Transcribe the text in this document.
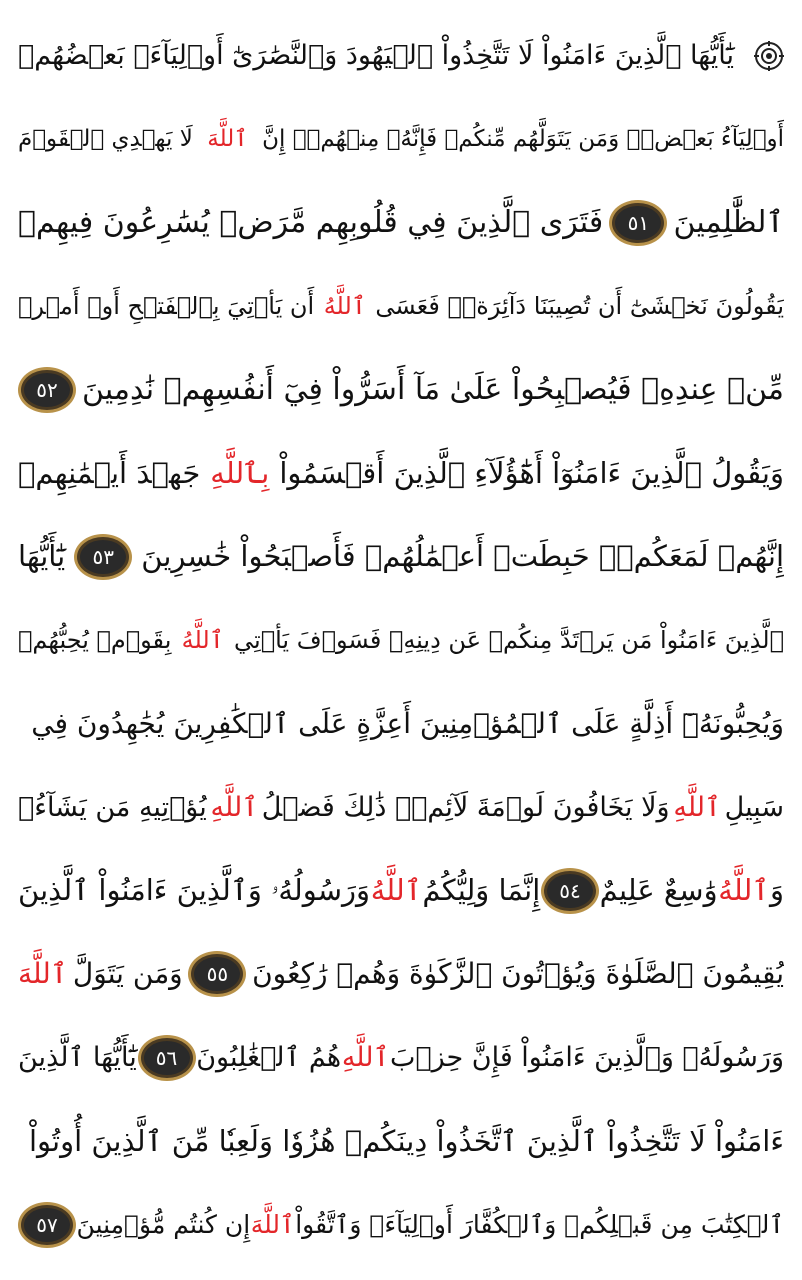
يَٰٓأَيُّهَا ٱلَّذِينَ ءَامَنُواْ لَا تَتَّخِذُواْ ٱلۡيَهُودَ وَٱلنَّصَٰرَىٰٓ أَوۡلِيَآءَۘ بَعۡضُهُمۡ
أَوۡلِيَآءُ بَعۡضٖۚ وَمَن يَتَوَلَّهُم مِّنكُمۡ فَإِنَّهُۥ مِنۡهُمۡۗ إِنَّ
ٱللَّهَ
لَا يَهۡدِي ٱلۡقَوۡمَ
ٱلظَّٰلِمِينَ
٥١
فَتَرَى ٱلَّذِينَ فِي قُلُوبِهِم مَّرَضٞ يُسَٰرِعُونَ فِيهِمۡ
يَقُولُونَ نَخۡشَىٰٓ أَن تُصِيبَنَا دَآئِرَةٞۚ فَعَسَى
ٱللَّهُ
أَن يَأۡتِيَ بِٱلۡفَتۡحِ أَوۡ أَمۡرٖ
مِّنۡ عِندِهِۦ فَيُصۡبِحُواْ عَلَىٰ مَآ أَسَرُّواْ فِيٓ أَنفُسِهِمۡ نَٰدِمِينَ
٥٢
وَيَقُولُ ٱلَّذِينَ ءَامَنُوٓاْ أَهَٰٓؤُلَآءِ ٱلَّذِينَ أَقۡسَمُواْ
بِٱللَّهِ
جَهۡدَ أَيۡمَٰنِهِمۡ
إِنَّهُمۡ لَمَعَكُمۡۚ حَبِطَتۡ أَعۡمَٰلُهُمۡ فَأَصۡبَحُواْ خَٰسِرِينَ
٥٣
يَٰٓأَيُّهَا
ٱلَّذِينَ ءَامَنُواْ مَن يَرۡتَدَّ مِنكُمۡ عَن دِينِهِۦ فَسَوۡفَ يَأۡتِي
ٱللَّهُ
بِقَوۡمٖ يُحِبُّهُمۡ
وَيُحِبُّونَهُۥٓ أَذِلَّةٍ عَلَى ٱلۡمُؤۡمِنِينَ أَعِزَّةٍ عَلَى ٱلۡكَٰفِرِينَ يُجَٰهِدُونَ فِي
سَبِيلِ
ٱللَّهِ
وَلَا يَخَافُونَ لَوۡمَةَ لَآئِمٖۚ ذَٰلِكَ فَضۡلُ
ٱللَّهِ
يُؤۡتِيهِ مَن يَشَآءُۚ
وَ
ٱللَّهُ
وَٰسِعٌ عَلِيمٌ
٥٤
إِنَّمَا وَلِيُّكُمُ
ٱللَّهُ
وَرَسُولُهُۥ وَٱلَّذِينَ ءَامَنُواْ ٱلَّذِينَ
يُقِيمُونَ ٱلصَّلَوٰةَ وَيُؤۡتُونَ ٱلزَّكَوٰةَ وَهُمۡ رَٰكِعُونَ
٥٥
وَمَن يَتَوَلَّ
ٱللَّهَ
وَرَسُولَهُۥ وَٱلَّذِينَ ءَامَنُواْ فَإِنَّ حِزۡبَ
ٱللَّهِ
هُمُ ٱلۡغَٰلِبُونَ
٥٦
يَٰٓأَيُّهَا ٱلَّذِينَ
ءَامَنُواْ لَا تَتَّخِذُواْ ٱلَّذِينَ ٱتَّخَذُواْ دِينَكُمۡ هُزُوٗا وَلَعِبٗا مِّنَ ٱلَّذِينَ أُوتُواْ
ٱلۡكِتَٰبَ مِن قَبۡلِكُمۡ وَٱلۡكُفَّارَ أَوۡلِيَآءَۚ وَٱتَّقُواْ
ٱللَّهَ
إِن كُنتُم مُّؤۡمِنِينَ
٥٧
